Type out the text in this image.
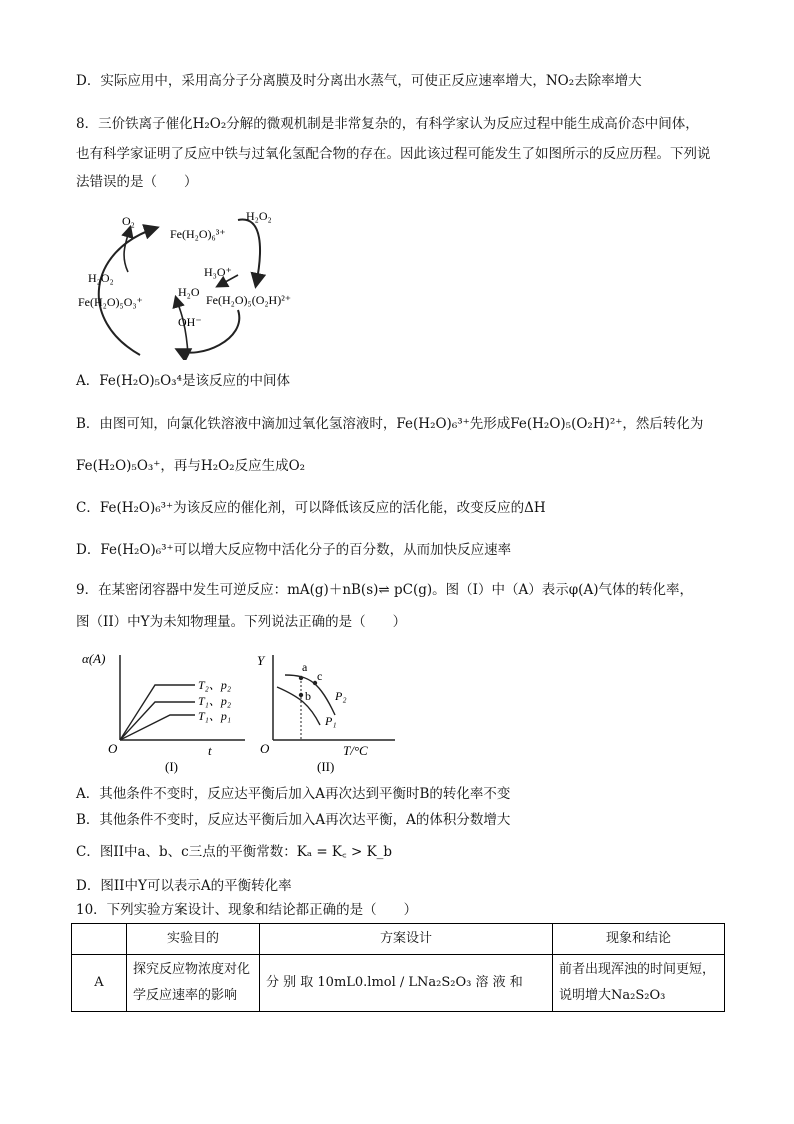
D．实际应用中，采用高分子分离膜及时分离出水蒸气，可使正反应速率增大，NO₂去除率增大
8．三价铁离子催化H₂O₂分解的微观机制是非常复杂的，有科学家认为反应过程中能生成高价态中间体，
也有科学家证明了反应中铁与过氧化氢配合物的存在。因此该过程可能发生了如图所示的反应历程。下列说
法错误的是（　　）
O₂
Fe(H₂O)₆³⁺
H₂O₂
H₂O₂	H₃O⁺
H₂O
Fe(H₂O)₅O₃⁺	Fe(H₂O)₅(O₂H)²⁺
OH⁻
A．Fe(H₂O)₅O₃⁴是该反应的中间体
B．由图可知，向氯化铁溶液中滴加过氧化氢溶液时，Fe(H₂O)₆³⁺先形成Fe(H₂O)₅(O₂H)²⁺，然后转化为
Fe(H₂O)₅O₃⁺，再与H₂O₂反应生成O₂
C．Fe(H₂O)₆³⁺为该反应的催化剂，可以降低该反应的活化能，改变反应的ΔH
D．Fe(H₂O)₆³⁺可以增大反应物中活化分子的百分数，从而加快反应速率
9．在某密闭容器中发生可逆反应：mA(g)＋nB(s)⇌ pC(g)。图（I）中（A）表示φ(A)气体的转化率，
图（II）中Y为未知物理量。下列说法正确的是（　　）
α(A)
O	t
T₂、p₂
T₁、p₂
T₁、p₁
(I)
Y
O	T/°C
a
b
c
P₂
P₁
(II)
A．其他条件不变时，反应达平衡后加入A再次达到平衡时B的转化率不变
B．其他条件不变时，反应达平衡后加入A再次达平衡，A的体积分数增大
C．图II中a、b、c三点的平衡常数：Kₐ = K꜀ > K_b
D．图II中Y可以表示A的平衡转化率
10．下列实验方案设计、现象和结论都正确的是（　　）
	实验目的	方案设计	现象和结论
A	探究反应物浓度对化学反应速率的影响	分 别 取 10mL0.lmol / LNa₂S₂O₃ 溶 液 和	前者出现浑浊的时间更短，说明增大Na₂S₂O₃
